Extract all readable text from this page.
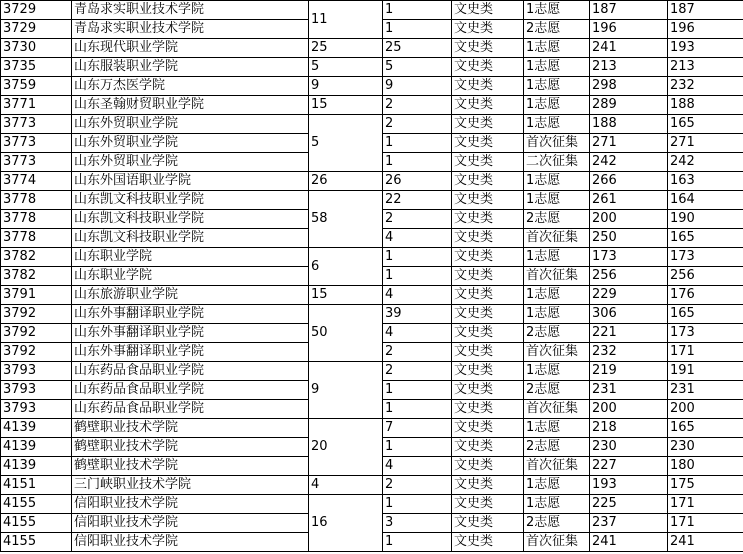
3729	青岛求实职业技术学院	11	1	文史类	1志愿	187	187
3729	青岛求实职业技术学院		1	文史类	2志愿	196	196
3730	山东现代职业学院	25	25	文史类	1志愿	241	193
3735	山东服装职业学院	5	5	文史类	1志愿	213	213
3759	山东万杰医学院	9	9	文史类	1志愿	298	232
3771	山东圣翰财贸职业学院	15	2	文史类	1志愿	289	188
3773	山东外贸职业学院	5	2	文史类	1志愿	188	165
3773	山东外贸职业学院		1	文史类	首次征集	271	271
3773	山东外贸职业学院		1	文史类	二次征集	242	242
3774	山东外国语职业学院	26	26	文史类	1志愿	266	163
3778	山东凯文科技职业学院	58	22	文史类	1志愿	261	164
3778	山东凯文科技职业学院		2	文史类	2志愿	200	190
3778	山东凯文科技职业学院		4	文史类	首次征集	250	165
3782	山东职业学院	6	1	文史类	1志愿	173	173
3782	山东职业学院		1	文史类	首次征集	256	256
3791	山东旅游职业学院	15	4	文史类	1志愿	229	176
3792	山东外事翻译职业学院	50	39	文史类	1志愿	306	165
3792	山东外事翻译职业学院		4	文史类	2志愿	221	173
3792	山东外事翻译职业学院		2	文史类	首次征集	232	171
3793	山东药品食品职业学院	9	2	文史类	1志愿	219	191
3793	山东药品食品职业学院		1	文史类	2志愿	231	231
3793	山东药品食品职业学院		1	文史类	首次征集	200	200
4139	鹤壁职业技术学院	20	7	文史类	1志愿	218	165
4139	鹤壁职业技术学院		1	文史类	2志愿	230	230
4139	鹤壁职业技术学院		4	文史类	首次征集	227	180
4151	三门峡职业技术学院	4	2	文史类	1志愿	193	175
4155	信阳职业技术学院	16	1	文史类	1志愿	225	171
4155	信阳职业技术学院		3	文史类	2志愿	237	171
4155	信阳职业技术学院		1	文史类	首次征集	241	241
